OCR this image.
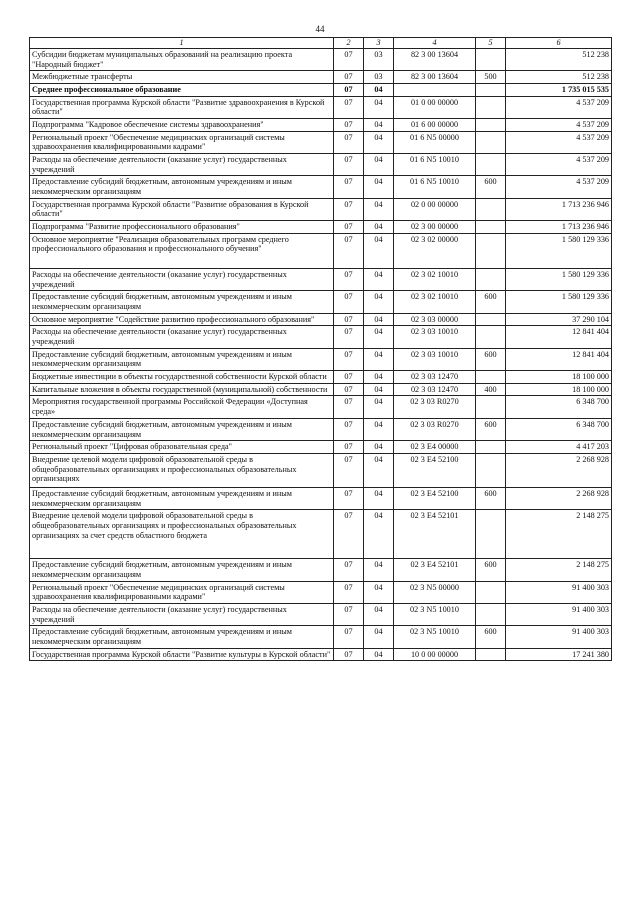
44
1	2	3	4	5	6
Субсидии бюджетам муниципальных образований на реализацию проекта "Народный бюджет"	07	03	82 3 00 13604		512 238
Межбюджетные трансферты	07	03	82 3 00 13604	500	512 238
Среднее профессиональное образование	07	04			1 735 015 535
Государственная программа Курской области "Развитие здравоохранения в Курской области"	07	04	01 0 00 00000		4 537 209
Подпрограмма "Кадровое обеспечение системы здравоохранения"	07	04	01 6 00 00000		4 537 209
Региональный проект "Обеспечение медицинских организаций системы здравоохранения квалифицированными кадрами"	07	04	01 6 N5 00000		4 537 209
Расходы на обеспечение деятельности (оказание услуг) государственных учреждений	07	04	01 6 N5 10010		4 537 209
Предоставление субсидий бюджетным, автономным учреждениям и иным некоммерческим организациям	07	04	01 6 N5 10010	600	4 537 209
Государственная программа Курской области "Развитие образования в Курской области"	07	04	02 0 00 00000		1 713 236 946
Подпрограмма "Развитие профессионального образования"	07	04	02 3 00 00000		1 713 236 946
Основное мероприятие "Реализация образовательных программ среднего профессионального образования и профессионального обучения"	07	04	02 3 02 00000		1 580 129 336
Расходы на обеспечение деятельности (оказание услуг) государственных учреждений	07	04	02 3 02 10010		1 580 129 336
Предоставление субсидий бюджетным, автономным учреждениям и иным некоммерческим организациям	07	04	02 3 02 10010	600	1 580 129 336
Основное мероприятие "Содействие развитию профессионального образования"	07	04	02 3 03 00000		37 290 104
Расходы на обеспечение деятельности (оказание услуг) государственных учреждений	07	04	02 3 03 10010		12 841 404
Предоставление субсидий бюджетным, автономным учреждениям и иным некоммерческим организациям	07	04	02 3 03 10010	600	12 841 404
Бюджетные инвестиции в объекты государственной собственности Курской области	07	04	02 3 03 12470		18 100 000
Капитальные вложения в объекты государственной (муниципальной) собственности	07	04	02 3 03 12470	400	18 100 000
Мероприятия государственной программы Российской Федерации «Доступная среда»	07	04	02 3 03 R0270		6 348 700
Предоставление субсидий бюджетным, автономным учреждениям и иным некоммерческим организациям	07	04	02 3 03 R0270	600	6 348 700
Региональный проект "Цифровая образовательная среда"	07	04	02 3 E4 00000		4 417 203
Внедрение целевой модели цифровой образовательной среды в общеобразовательных организациях и профессиональных образовательных организациях	07	04	02 3 E4 52100		2 268 928
Предоставление субсидий бюджетным, автономным учреждениям и иным некоммерческим организациям	07	04	02 3 E4 52100	600	2 268 928
Внедрение целевой модели цифровой образовательной среды в общеобразовательных организациях и профессиональных образовательных организациях за счет средств областного бюджета	07	04	02 3 E4 52101		2 148 275
Предоставление субсидий бюджетным, автономным учреждениям и иным некоммерческим организациям	07	04	02 3 E4 52101	600	2 148 275
Региональный проект "Обеспечение медицинских организаций системы здравоохранения квалифицированными кадрами"	07	04	02 3 N5 00000		91 400 303
Расходы на обеспечение деятельности (оказание услуг) государственных учреждений	07	04	02 3 N5 10010		91 400 303
Предоставление субсидий бюджетным, автономным учреждениям и иным некоммерческим организациям	07	04	02 3 N5 10010	600	91 400 303
Государственная программа Курской области "Развитие культуры в Курской области"	07	04	10 0 00 00000		17 241 380
